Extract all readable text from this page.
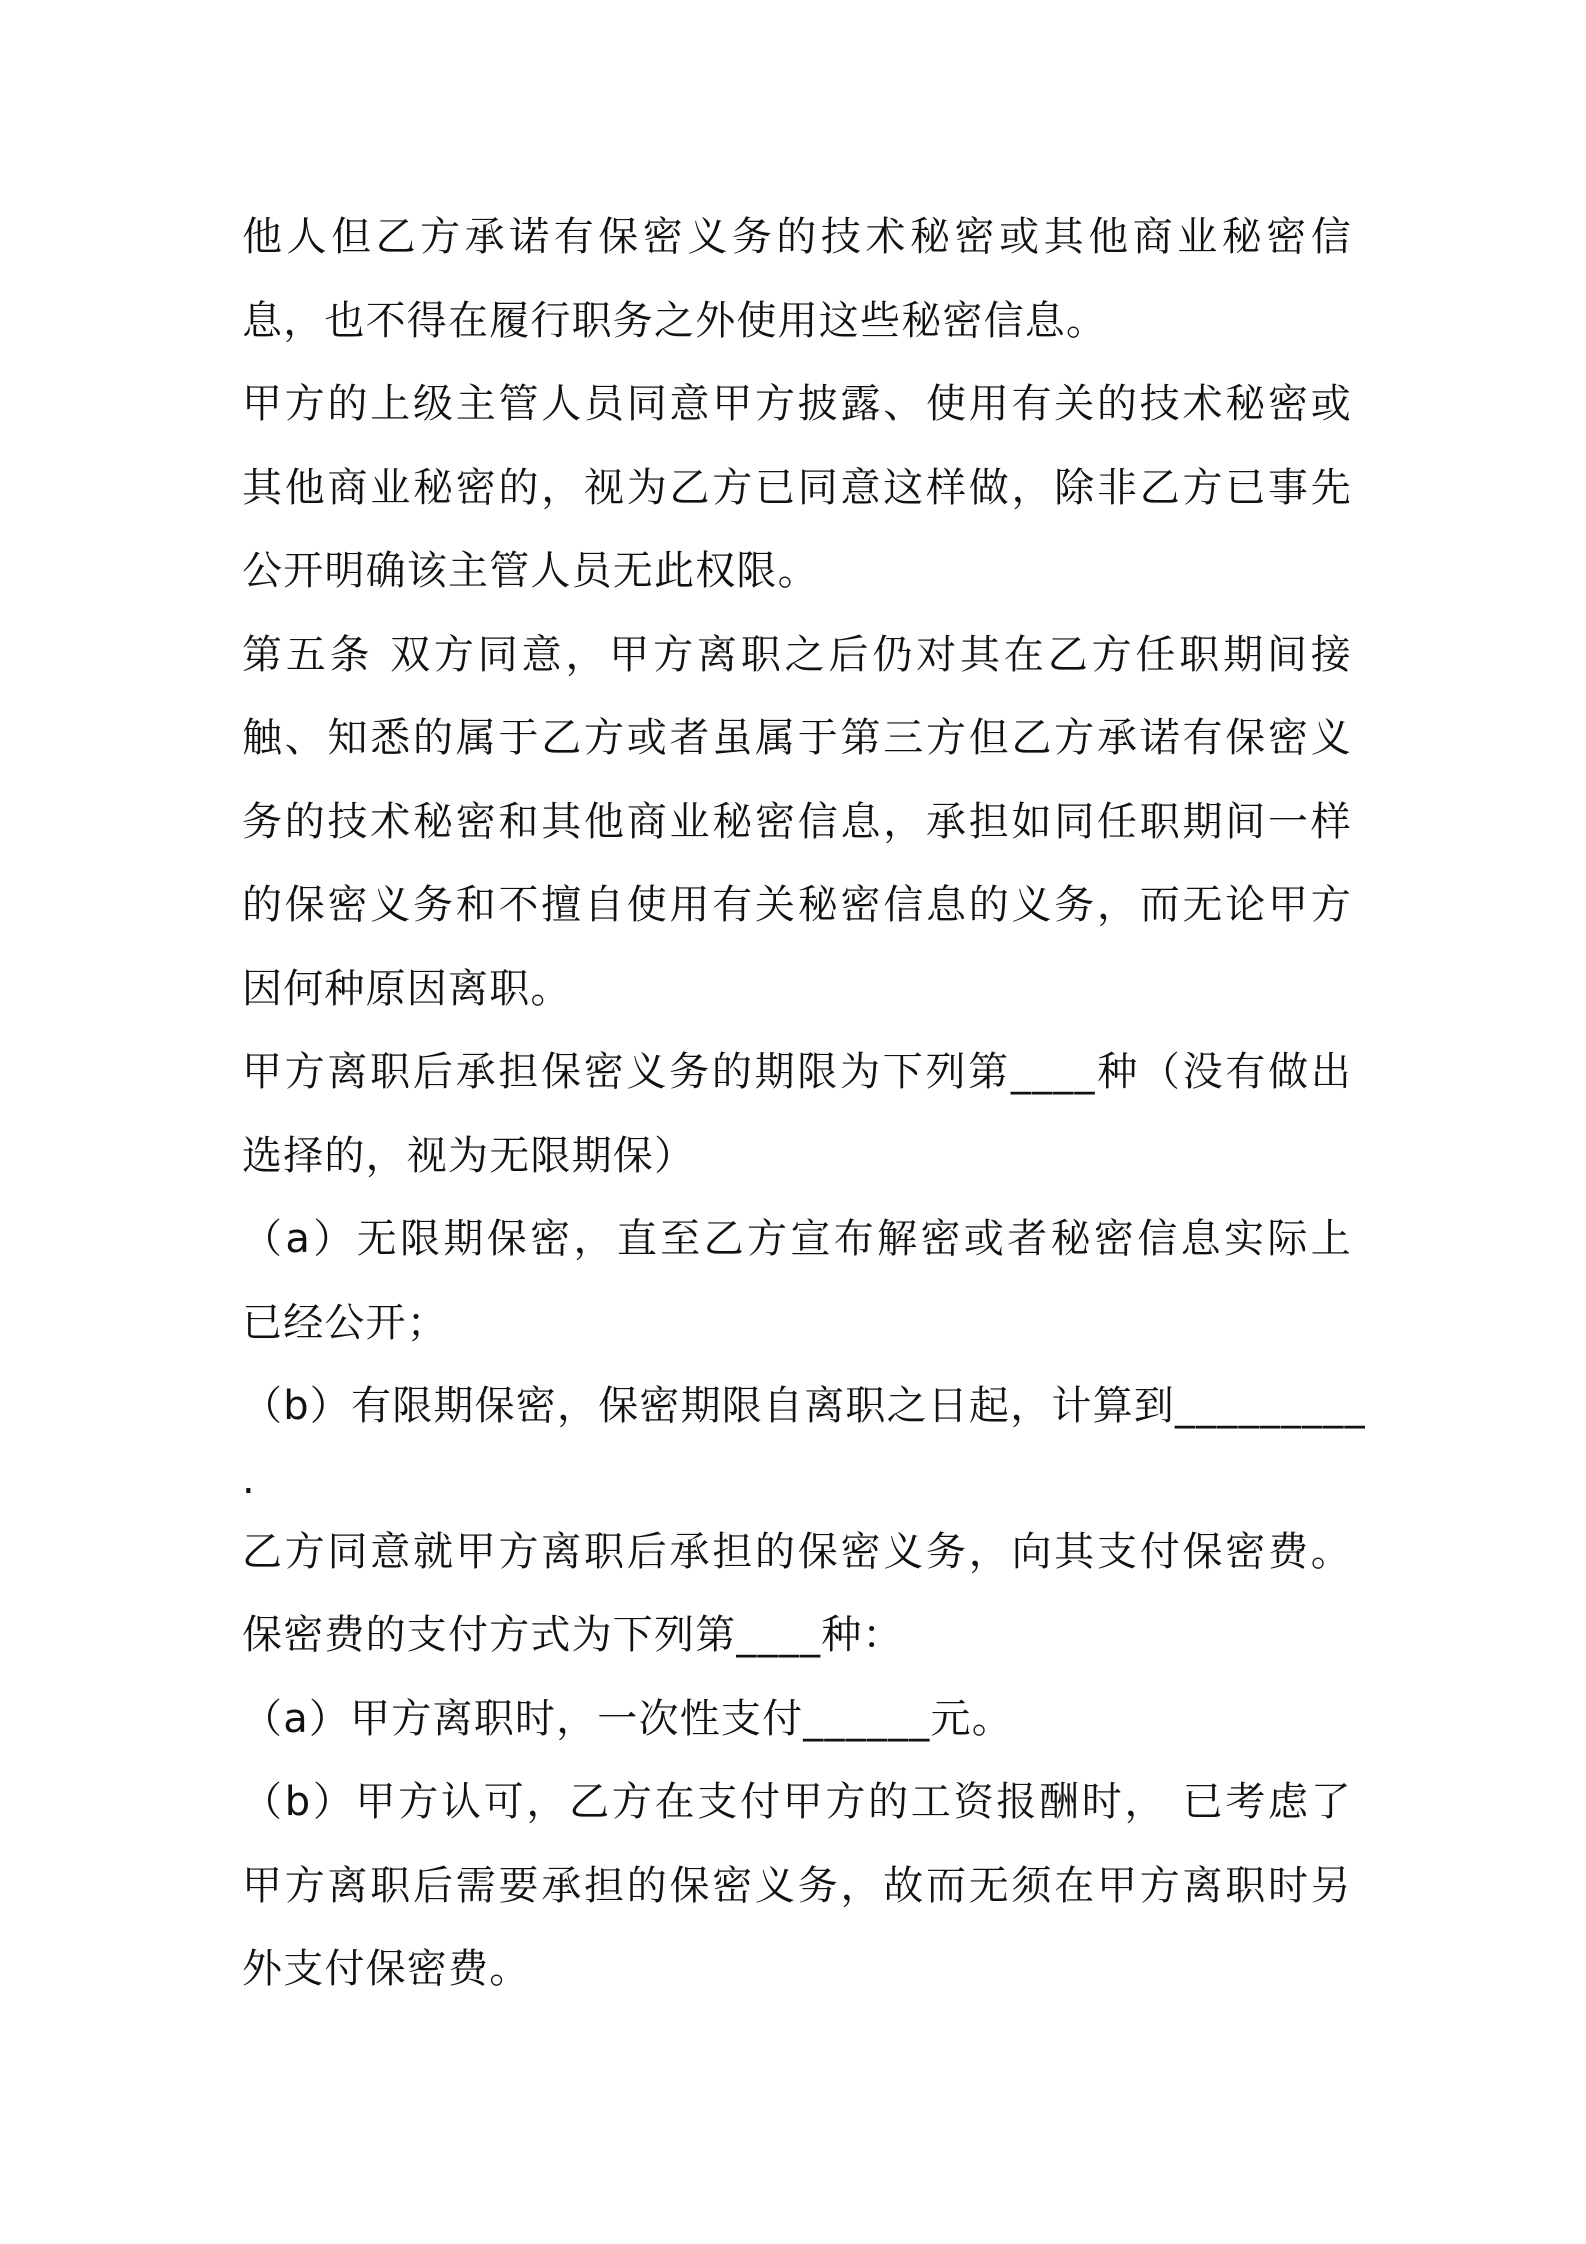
他人但乙方承诺有保密义务的技术秘密或其他商业秘密信
息，也不得在履行职务之外使用这些秘密信息。
甲方的上级主管人员同意甲方披露、使用有关的技术秘密或
其他商业秘密的，视为乙方已同意这样做，除非乙方已事先
公开明确该主管人员无此权限。
第五条 双方同意，甲方离职之后仍对其在乙方任职期间接
触、知悉的属于乙方或者虽属于第三方但乙方承诺有保密义
务的技术秘密和其他商业秘密信息，承担如同任职期间一样
的保密义务和不擅自使用有关秘密信息的义务，而无论甲方
因何种原因离职。
甲方离职后承担保密义务的期限为下列第____种（没有做出
选择的，视为无限期保）
（a）无限期保密，直至乙方宣布解密或者秘密信息实际上
已经公开；
（b）有限期保密，保密期限自离职之日起，计算到_________
.
乙方同意就甲方离职后承担的保密义务，向其支付保密费。
保密费的支付方式为下列第____种：
（a）甲方离职时，一次性支付______元。
（b）甲方认可，乙方在支付甲方的工资报酬时， 已考虑了
甲方离职后需要承担的保密义务，故而无须在甲方离职时另
外支付保密费。
